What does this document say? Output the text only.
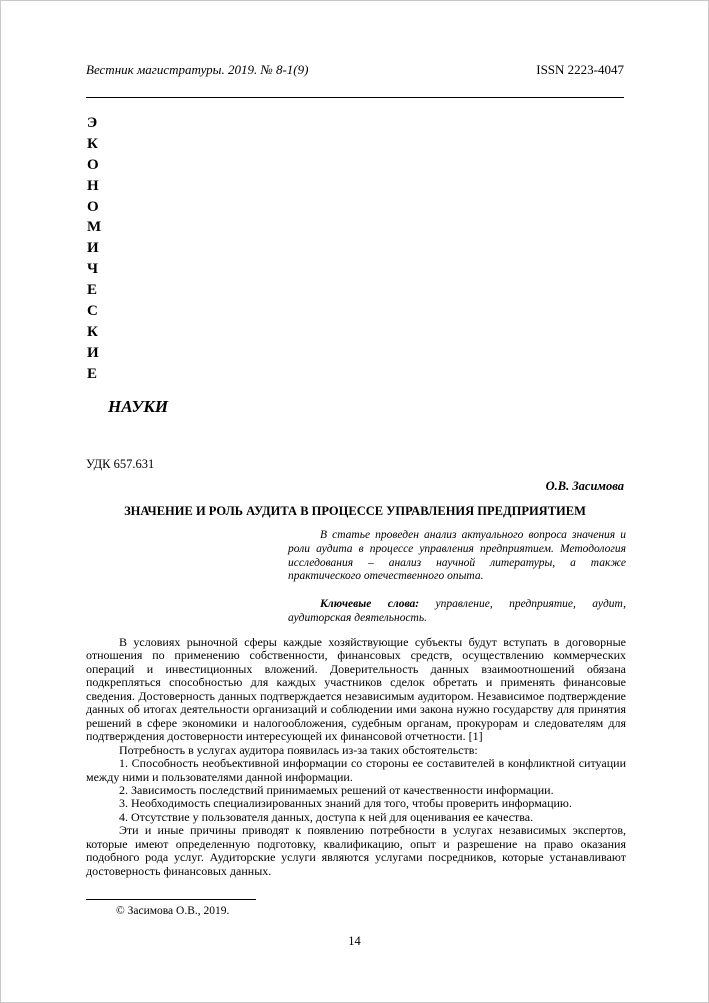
Вестник магистратуры. 2019. № 8-1(9)	ISSN 2223-4047
Э
К
О
Н
О
М
И
Ч
Е
С
К
И
Е
НАУКИ
УДК 657.631
О.В. Засимова
ЗНАЧЕНИЕ И РОЛЬ АУДИТА В ПРОЦЕССЕ УПРАВЛЕНИЯ ПРЕДПРИЯТИЕМ

В статье проведен анализ актуального вопроса значения и роли аудита в процессе управления предприятием. Методология исследования – анализ научной литературы, а также практического отечественного опыта.

Ключевые слова: управление, предприятие, аудит, аудиторская деятельность.

В условиях рыночной сферы каждые хозяйствующие субъекты будут вступать в договорные отношения по применению собственности, финансовых средств, осуществлению коммерческих операций и инвестиционных вложений. Доверительность данных взаимоотношений обязана подкрепляться способностью для каждых участников сделок обретать и применять финансовые сведения. Достоверность данных подтверждается независимым аудитором. Независимое подтверждение данных об итогах деятельности организаций и соблюдении ими закона нужно государству для принятия решений в сфере экономики и налогообложения, судебным органам, прокурорам и следователям для подтверждения достоверности интересующей их финансовой отчетности. [1]

Потребность в услугах аудитора появилась из-за таких обстоятельств:

1. Способность необъективной информации со стороны ее составителей в конфликтной ситуации между ними и пользователями данной информации.

2. Зависимость последствий принимаемых решений от качественности информации.

3. Необходимость специализированных знаний для того, чтобы проверить информацию.

4. Отсутствие у пользователя данных, доступа к ней для оценивания ее качества.

Эти и иные причины приводят к появлению потребности в услугах независимых экспертов, которые имеют определенную подготовку, квалификацию, опыт и разрешение на право оказания подобного рода услуг. Аудиторские услуги являются услугами посредников, которые устанавливают достоверность финансовых данных.

© Засимова О.В., 2019.
14
